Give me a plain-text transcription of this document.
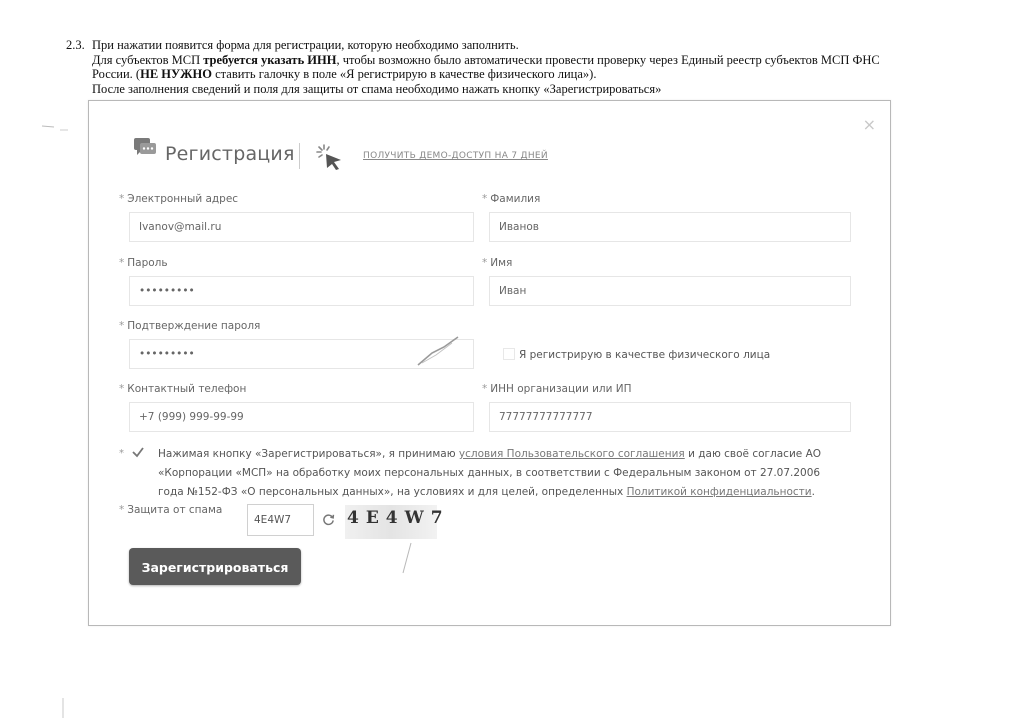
2.3. При нажатии появится форма для регистрации, которую необходимо заполнить.
Для субъектов МСП требуется указать ИНН, чтобы возможно было автоматически провести проверку через Единый реестр субъектов МСП ФНС
России. (НЕ НУЖНО ставить галочку в поле «Я регистрирую в качестве физического лица»).
После заполнения сведений и поля для защиты от спама необходимо нажать кнопку «Зарегистрироваться»
×
Регистрация	ПОЛУЧИТЬ ДЕМО-ДОСТУП НА 7 ДНЕЙ
* Электронный адрес
Ivanov@mail.ru
* Фамилия
Иванов
* Пароль
•••••••••
* Имя
Иван
* Подтверждение пароля
•••••••••	Я регистрирую в качестве физического лица
* Контактный телефон
+7 (999) 999-99-99
* ИНН организации или ИП
77777777777777
*	Нажимая кнопку «Зарегистрироваться», я принимаю условия Пользовательского соглашения и даю своё согласие АО «Корпорации «МСП» на обработку моих персональных данных, в соответствии с Федеральным законом от 27.07.2006 года №152-ФЗ «О персональных данных», на условиях и для целей, определенных Политикой конфиденциальности.
* Защита от спама
4E4W7	4E4W7
Зарегистрироваться
